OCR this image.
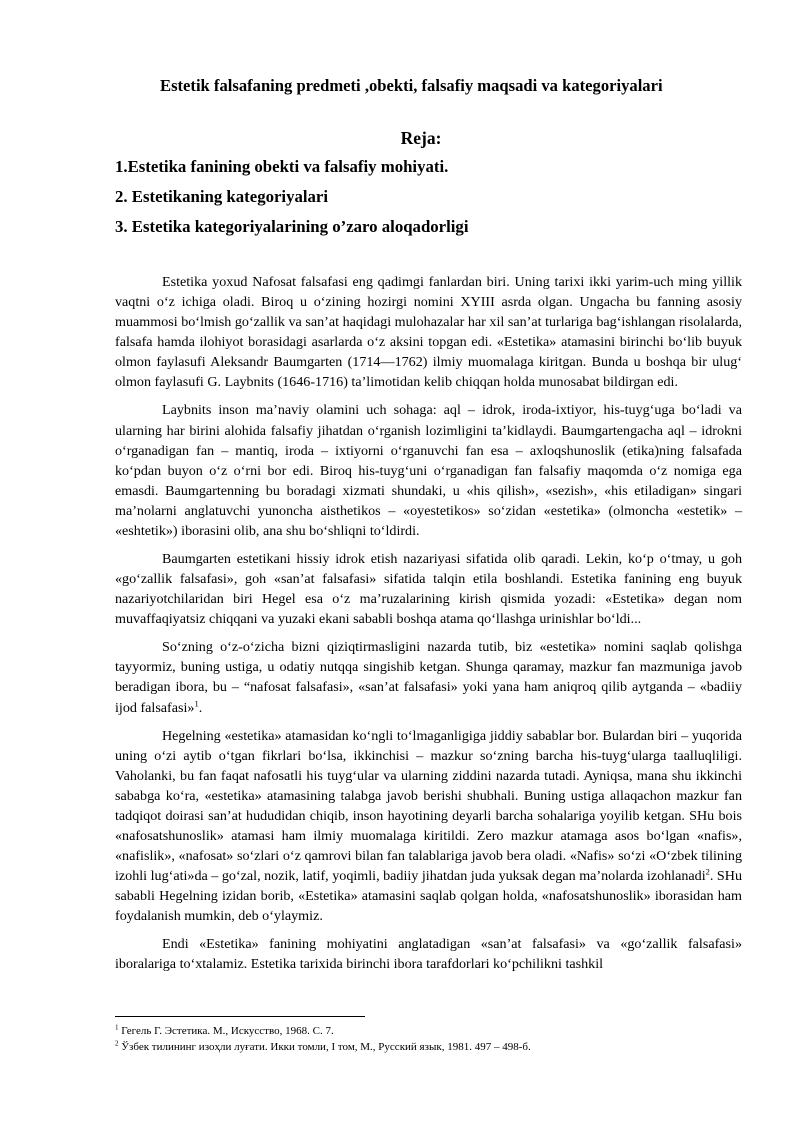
Estetik falsafaning predmeti ,obekti, falsafiy maqsadi va kategoriyalari
Reja:
1.Estetika fanining obekti va falsafiy mohiyati.
2. Estetikaning kategoriyalari
3. Estetika kategoriyalarining o’zaro aloqadorligi

Estetika yoxud Nafosat falsafasi eng qadimgi fanlardan biri. Uning tarixi ikki yarim-uch ming yillik vaqtni o‘z ichiga oladi. Biroq u o‘zining hozirgi nomini XYIII asrda olgan. Ungacha bu fanning asosiy muammosi bo‘lmish go‘zallik va san’at haqidagi mulohazalar har xil san’at turlariga bag‘ishlangan risolalarda, falsafa hamda ilohiyot borasidagi asarlarda o‘z aksini topgan edi. «Estetika» atamasini birinchi bo‘lib buyuk olmon faylasufi Aleksandr Baumgarten (1714—1762) ilmiy muomalaga kiritgan. Bunda u boshqa bir ulug‘ olmon faylasufi G. Laybnits (1646-1716) ta’limotidan kelib chiqqan holda munosabat bildirgan edi.

Laybnits inson ma’naviy olamini uch sohaga: aql – idrok, iroda-ixtiyor, his-tuyg‘uga bo‘ladi va ularning har birini alohida falsafiy jihatdan o‘rganish lozimligini ta’kidlaydi. Baumgartengacha aql – idrokni o‘rganadigan fan – mantiq, iroda – ixtiyorni o‘rganuvchi fan esa – axloqshunoslik (etika)ning falsafada ko‘pdan buyon o‘z o‘rni bor edi. Biroq his-tuyg‘uni o‘rganadigan fan falsafiy maqomda o‘z nomiga ega emasdi. Baumgartenning bu boradagi xizmati shundaki, u «his qilish», «sezish», «his etiladigan» singari ma’nolarni anglatuvchi yunoncha aisthetikos – «oyestetikos» so‘zidan «estetika» (olmoncha «estetik» – «eshtetik») iborasini olib, ana shu bo‘shliqni to‘ldirdi.

Baumgarten estetikani hissiy idrok etish nazariyasi sifatida olib qaradi. Lekin, ko‘p o‘tmay, u goh «go‘zallik falsafasi», goh «san’at falsafasi» sifatida talqin etila boshlandi. Estetika fanining eng buyuk nazariyotchilaridan biri Hegel esa o‘z ma’ruzalarining kirish qismida yozadi: «Estetika» degan nom muvaffaqiyatsiz chiqqani va yuzaki ekani sababli boshqa atama qo‘llashga urinishlar bo‘ldi...

So‘zning o‘z-o‘zicha bizni qiziqtirmasligini nazarda tutib, biz «estetika» nomini saqlab qolishga tayyormiz, buning ustiga, u odatiy nutqqa singishib ketgan. Shunga qaramay, mazkur fan mazmuniga javob beradigan ibora, bu – “nafosat falsafasi», «san’at falsafasi» yoki yana ham aniqroq qilib aytganda – «badiiy ijod falsafasi»$^1$.

Hegelning «estetika» atamasidan ko‘ngli to‘lmaganligiga jiddiy sabablar bor. Bulardan biri – yuqorida uning o‘zi aytib o‘tgan fikrlari bo‘lsa, ikkinchisi – mazkur so‘zning barcha his-tuyg‘ularga taalluqliligi. Vaholanki, bu fan faqat nafosatli his tuyg‘ular va ularning ziddini nazarda tutadi. Ayniqsa, mana shu ikkinchi sababga ko‘ra, «estetika» atamasining talabga javob berishi shubhali. Buning ustiga allaqachon mazkur fan tadqiqot doirasi san’at hududidan chiqib, inson hayotining deyarli barcha sohalariga yoyilib ketgan. SHu bois «nafosatshunoslik» atamasi ham ilmiy muomalaga kiritildi. Zero mazkur atamaga asos bo‘lgan «nafis», «nafislik», «nafosat» so‘zlari o‘z qamrovi bilan fan talablariga javob bera oladi. «Nafis» so‘zi «O‘zbek tilining izohli lug‘ati»da – go‘zal, nozik, latif, yoqimli, badiiy jihatdan juda yuksak degan ma’nolarda izohlanadi$^2$. SHu sababli Hegelning izidan borib, «Estetika» atamasini saqlab qolgan holda, «nafosatshunoslik» iborasidan ham foydalanish mumkin, deb o‘ylaymiz.

Endi «Estetika» fanining mohiyatini anglatadigan «san’at falsafasi» va «go‘zallik falsafasi» iboralariga to‘xtalamiz. Estetika tarixida birinchi ibora tarafdorlari ko‘pchilikni tashkil

$^1$ Гегель Г. Эстетика. М., Искусство, 1968. С. 7.
$^2$ Ўзбек тилининг изоҳли луғати. Икки томли, I том, М., Русский язык, 1981. 497 – 498-б.
